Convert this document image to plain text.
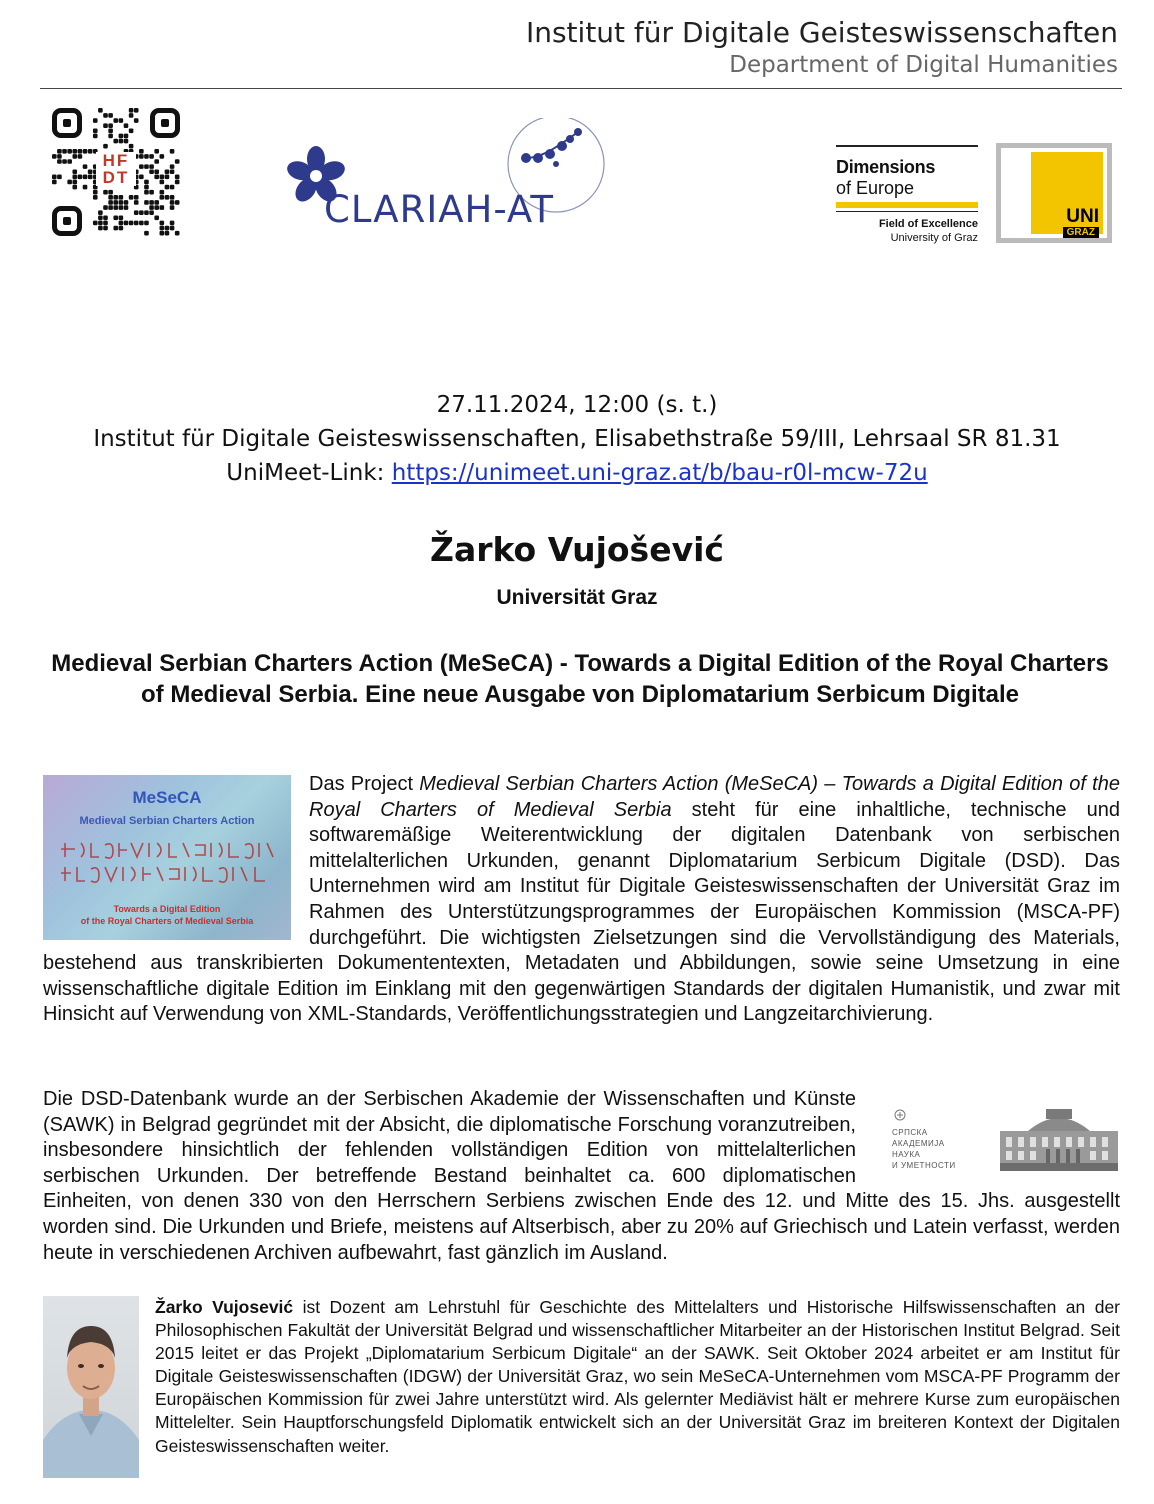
Institut für Digitale Geisteswissenschaften
Department of Digital Humanities
HF
DT
CLARIAH-AT
Dimensions
of Europe
Field of Excellence
University of Graz
UNI
GRAZ
27.11.2024, 12:00 (s. t.)
Institut für Digitale Geisteswissenschaften, Elisabethstraße 59/III, Lehrsaal SR 81.31
UniMeet-Link: https://unimeet.uni-graz.at/b/bau-r0l-mcw-72u
Žarko Vujošević
Universität Graz
Medieval Serbian Charters Action (MeSeCA) - Towards a Digital Edition of the Royal Charters of Medieval Serbia. Eine neue Ausgabe von Diplomatarium Serbicum Digitale
MeSeCA
Medieval Serbian Charters Action
Towards a Digital Edition
of the Royal Charters of Medieval Serbia
Das Project Medieval Serbian Charters Action (MeSeCA) – Towards a Digital Edition of the Royal Charters of Medieval Serbia steht für eine inhaltliche, technische und softwaremäßige Weiterentwicklung der digitalen Datenbank von serbischen mittelalterlichen Urkunden, genannt Diplomatarium Serbicum Digitale (DSD). Das Unternehmen wird am Institut für Digitale Geisteswissenschaften der Universität Graz im Rahmen des Unterstützungsprogrammes der Europäischen Kommission (MSCA-PF) durchgeführt. Die wichtigsten Zielsetzungen sind die Vervollständigung des Materials, bestehend aus transkribierten Dokumententexten, Metadaten und Abbildungen, sowie seine Umsetzung in eine wissenschaftliche digitale Edition im Einklang mit den gegenwärtigen Standards der digitalen Humanistik, und zwar mit Hinsicht auf Verwendung von XML-Standards, Veröffentlichungsstrategien und Langzeitarchivierung.
СРПСКА
АКАДЕМИЈА
НАУКА
И УМЕТНОСТИ
Die DSD-Datenbank wurde an der Serbischen Akademie der Wissenschaften und Künste (SAWK) in Belgrad gegründet mit der Absicht, die diplomatische Forschung voranzutreiben, insbesondere hinsichtlich der fehlenden vollständigen Edition von mittelalterlichen serbischen Urkunden. Der betreffende Bestand beinhaltet ca. 600 diplomatischen Einheiten, von denen 330 von den Herrschern Serbiens zwischen Ende des 12. und Mitte des 15. Jhs. ausgestellt worden sind. Die Urkunden und Briefe, meistens auf Altserbisch, aber zu 20% auf Griechisch und Latein verfasst, werden heute in verschiedenen Archiven aufbewahrt, fast gänzlich im Ausland.
Žarko Vujosević ist Dozent am Lehrstuhl für Geschichte des Mittelalters und Historische Hilfswissenschaften an der Philosophischen Fakultät der Universität Belgrad und wissenschaftlicher Mitarbeiter an der Historischen Institut Belgrad. Seit 2015 leitet er das Projekt „Diplomatarium Serbicum Digitale“ an der SAWK. Seit Oktober 2024 arbeitet er am Institut für Digitale Geisteswissenschaften (IDGW) der Universität Graz, wo sein MeSeCA-Unternehmen vom MSCA-PF Programm der Europäischen Kommission für zwei Jahre unterstützt wird. Als gelernter Mediävist hält er mehrere Kurse zum europäischen Mittelelter. Sein Hauptforschungsfeld Diplomatik entwickelt sich an der Universität Graz im breiteren Kontext der Digitalen Geisteswissenschaften weiter.
